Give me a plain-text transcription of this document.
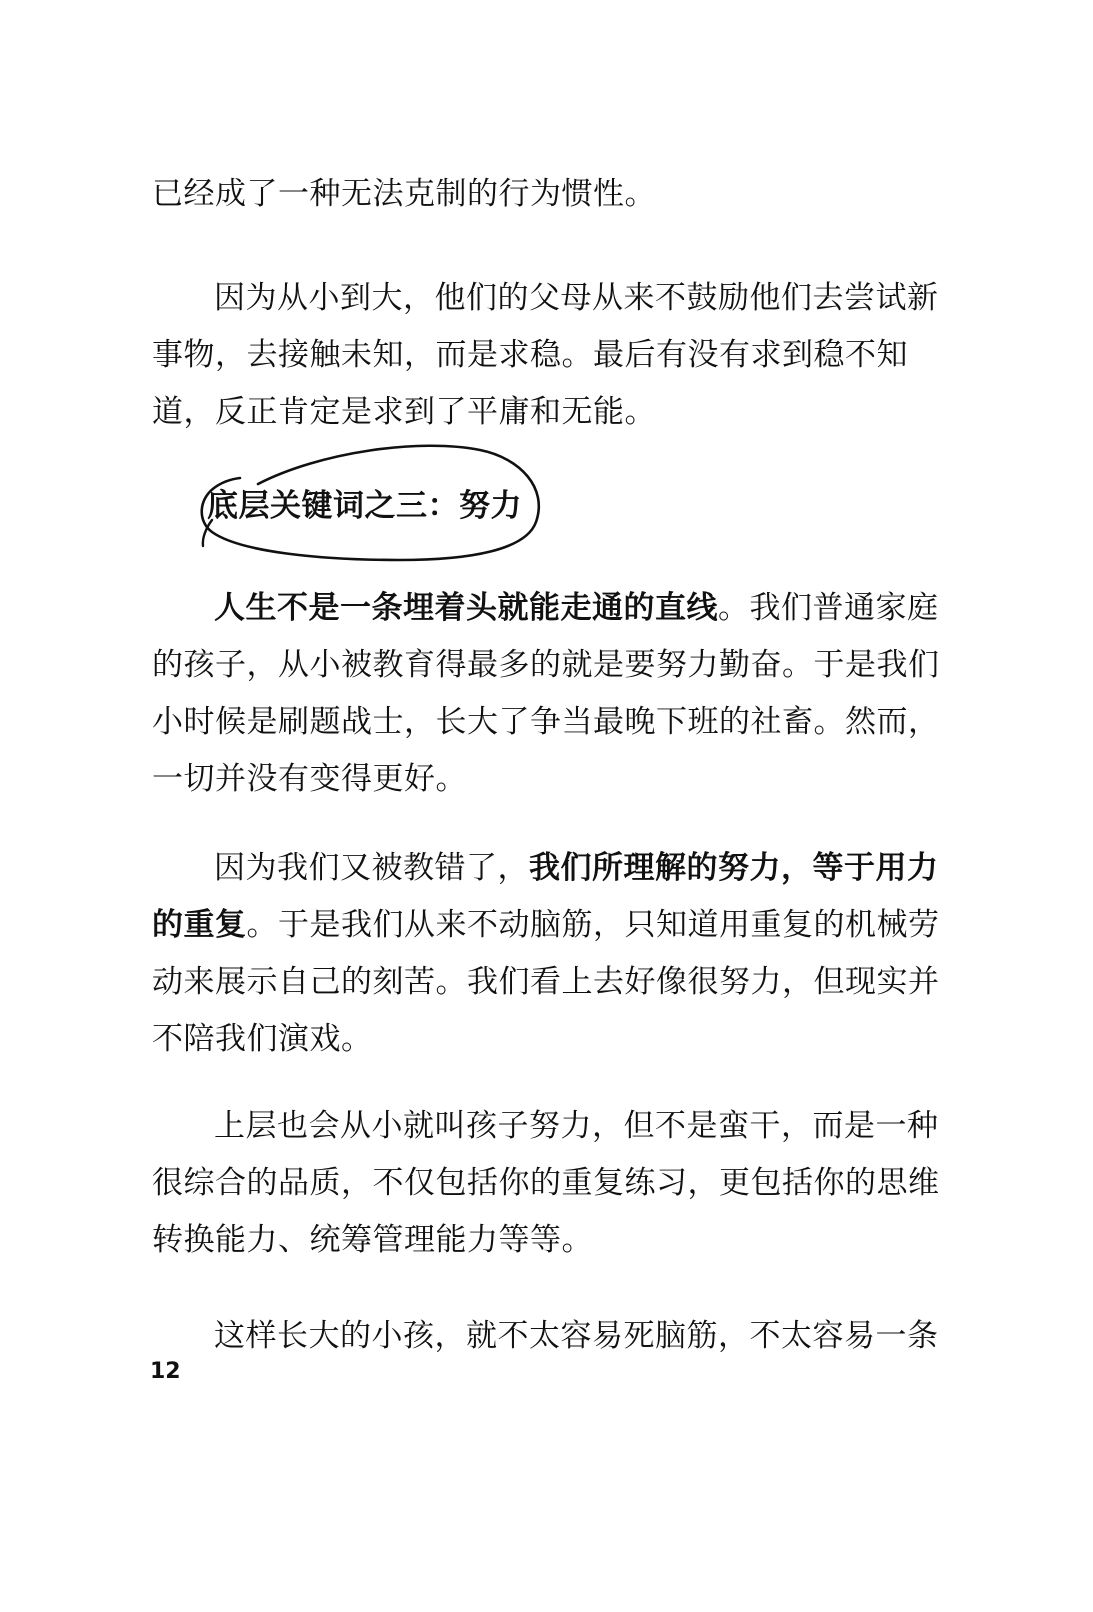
已经成了一种无法克制的行为惯性。

因为从小到大，他们的父母从来不鼓励他们去尝试新事物，去接触未知，而是求稳。最后有没有求到稳不知道，反正肯定是求到了平庸和无能。

底层关键词之三：努力

人生不是一条埋着头就能走通的直线。我们普通家庭的孩子，从小被教育得最多的就是要努力勤奋。于是我们小时候是刷题战士，长大了争当最晚下班的社畜。然而，一切并没有变得更好。

因为我们又被教错了，我们所理解的努力，等于用力的重复。于是我们从来不动脑筋，只知道用重复的机械劳动来展示自己的刻苦。我们看上去好像很努力，但现实并不陪我们演戏。

上层也会从小就叫孩子努力，但不是蛮干，而是一种很综合的品质，不仅包括你的重复练习，更包括你的思维转换能力、统筹管理能力等等。

这样长大的小孩，就不太容易死脑筋，不太容易一条

12
